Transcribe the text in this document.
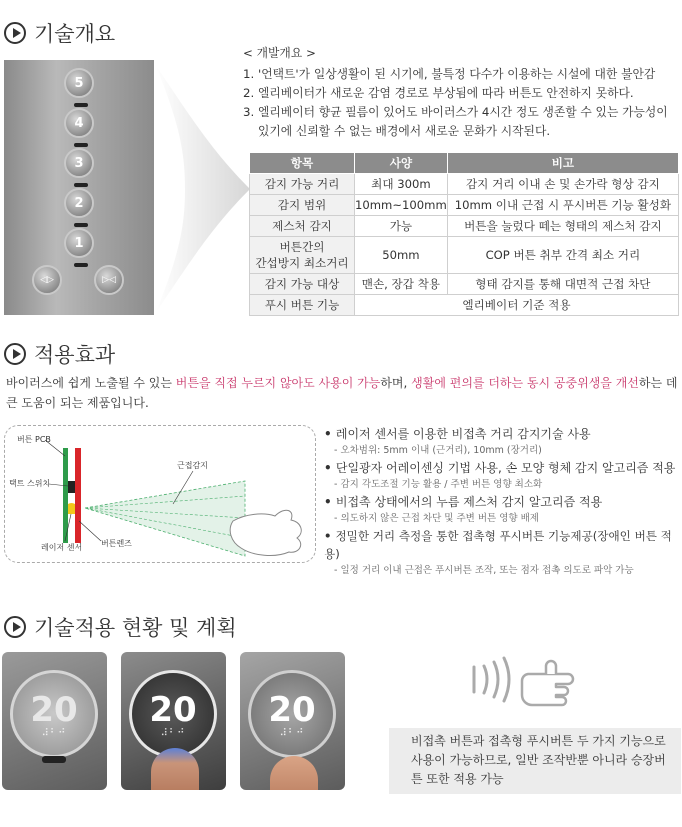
기술개요
5
4
3
2
1
◁▷	▷◁
< 개발개요 >
1. '언택트'가 일상생활이 된 시기에, 불특정 다수가 이용하는 시설에 대한 불안감
2. 엘리베이터가 새로운 감염 경로로 부상됨에 따라 버튼도 안전하지 못하다.
3. 엘리베이터 향균 필름이 있어도 바이러스가 4시간 정도 생존할 수 있는 가능성이 있기에 신뢰할 수 없는 배경에서 새로운 문화가 시작된다.
항목	사양	비고
감지 가능 거리	최대 300m	감지 거리 이내 손 및 손가락 형상 감지
감지 범위	10mm~100mm	10mm 이내 근접 시 푸시버튼 기능 활성화
제스처 감지	가능	버튼을 눌렀다 떼는 형태의 제스처 감지
버튼간의
간섭방지 최소거리	50mm	COP 버튼 취부 간격 최소 거리
감지 가능 대상	맨손, 장갑 착용	형태 감지를 통해 대면적 근접 차단
푸시 버튼 기능	엘리베이터 기준 적용	
적용효과
바이러스에 쉽게 노출될 수 있는 버튼을 직접 누르지 않아도 사용이 가능하며, 생활에 편의를 더하는 동시 공중위생을 개선하는 데 큰 도움이 되는 제품입니다.
버튼 PCB
택트 스위치
레이저 센서 버튼렌즈
근접감지
• 레이저 센서를 이용한 비접촉 거리 감지기술 사용
- 오차범위: 5mm 이내 (근거리), 10mm (장거리)
• 단일광자 어레이센싱 기법 사용, 손 모양 형체 감지 알고리즘 적용
- 감지 각도조절 기능 활용 / 주변 버튼 영향 최소화
• 비접촉 상태에서의 누름 제스처 감지 알고리즘 적용
- 의도하지 않은 근접 차단 및 주변 버튼 영향 배제
• 정밀한 거리 측정을 통한 접촉형 푸시버튼 기능제공(장애인 버튼 적용)
- 일정 거리 이내 근접은 푸시버튼 조작, 또는 점자 접촉 의도로 파악 가능
기술적용 현황 및 계획
20
⠼⠃⠚
20
⠼⠃⠚
20
⠼⠃⠚
비접촉 버튼과 접촉형 푸시버튼 두 가지 기능으로 사용이 가능하므로, 일반 조작반뿐 아니라 승장버튼 또한 적용 가능
